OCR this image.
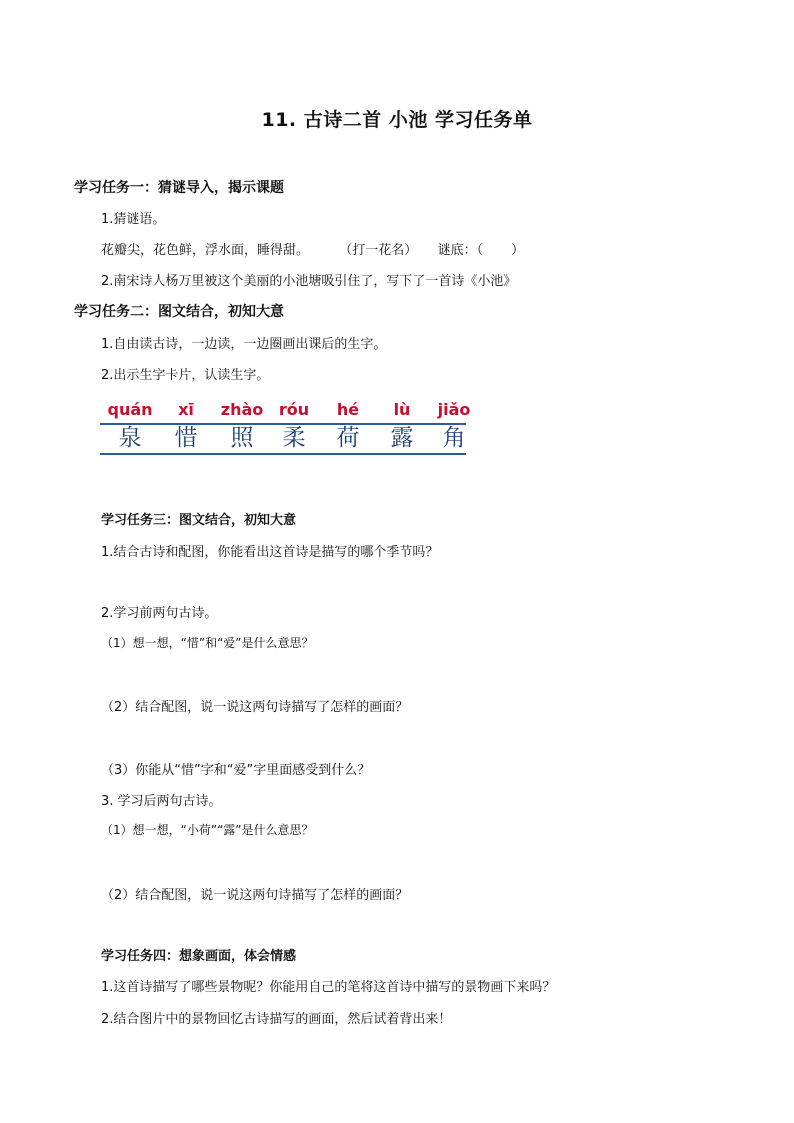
11. 古诗二首 小池 学习任务单
学习任务一：猜谜导入，揭示课题
1.猜谜语。
花瓣尖，花色鲜，浮水面，睡得甜。 （打一花名） 谜底：（ ）
2.南宋诗人杨万里被这个美丽的小池塘吸引住了，写下了一首诗《小池》
学习任务二：图文结合，初知大意
1.自由读古诗，一边读，一边圈画出课后的生字。
2.出示生字卡片，认读生字。
quán
泉
xī
惜
zhào
照
róu
柔
hé
荷
lù
露
jiǎo
角
学习任务三：图文结合，初知大意
1.结合古诗和配图，你能看出这首诗是描写的哪个季节吗？
2.学习前两句古诗。
（1）想一想，“惜”和“爱”是什么意思？
（2）结合配图，说一说这两句诗描写了怎样的画面？
（3）你能从“惜”字和“爱”字里面感受到什么？
3. 学习后两句古诗。
（1）想一想，“小荷”“露”是什么意思？
（2）结合配图，说一说这两句诗描写了怎样的画面？
学习任务四：想象画面，体会情感
1.这首诗描写了哪些景物呢？你能用自己的笔将这首诗中描写的景物画下来吗？
2.结合图片中的景物回忆古诗描写的画面，然后试着背出来！
